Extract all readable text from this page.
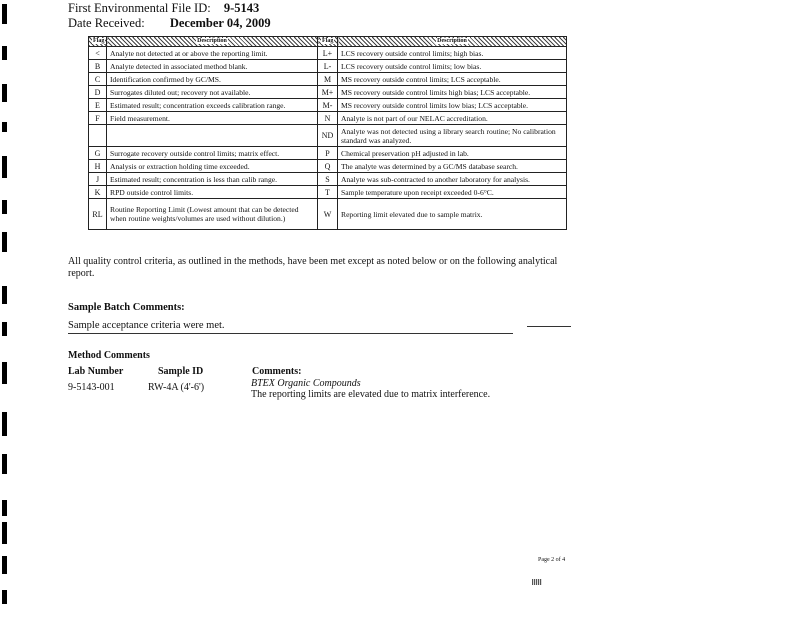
First Environmental File ID: 9-5143
Date Received: December 04, 2009
Flag	Description	Flag	Description
<	Analyte not detected at or above the reporting limit.	L+	LCS recovery outside control limits; high bias.
B	Analyte detected in associated method blank.	L-	LCS recovery outside control limits; low bias.
C	Identification confirmed by GC/MS.	M	MS recovery outside control limits; LCS acceptable.
D	Surrogates diluted out; recovery not available.	M+	MS recovery outside control limits high bias; LCS acceptable.
E	Estimated result; concentration exceeds calibration range.	M-	MS recovery outside control limits low bias; LCS acceptable.
F	Field measurement.	N	Analyte is not part of our NELAC accreditation.
		ND	Analyte was not detected using a library search routine; No calibration standard was analyzed.
G	Surrogate recovery outside control limits; matrix effect.	P	Chemical preservation pH adjusted in lab.
H	Analysis or extraction holding time exceeded.	Q	The analyte was determined by a GC/MS database search.
J	Estimated result; concentration is less than calib range.	S	Analyte was sub-contracted to another laboratory for analysis.
K	RPD outside control limits.	T	Sample temperature upon receipt exceeded 0-6°C.
RL	Routine Reporting Limit (Lowest amount that can be detected when routine weights/volumes are used without dilution.)	W	Reporting limit elevated due to sample matrix.
All quality control criteria, as outlined in the methods, have been met except as noted below or on the following analytical report.
Sample Batch Comments:
Sample acceptance criteria were met.
Method Comments
Lab Number	Sample ID	Comments:
9-5143-001	RW-4A (4'-6')	BTEX Organic Compounds
The reporting limits are elevated due to matrix interference.
Page 2 of 4
